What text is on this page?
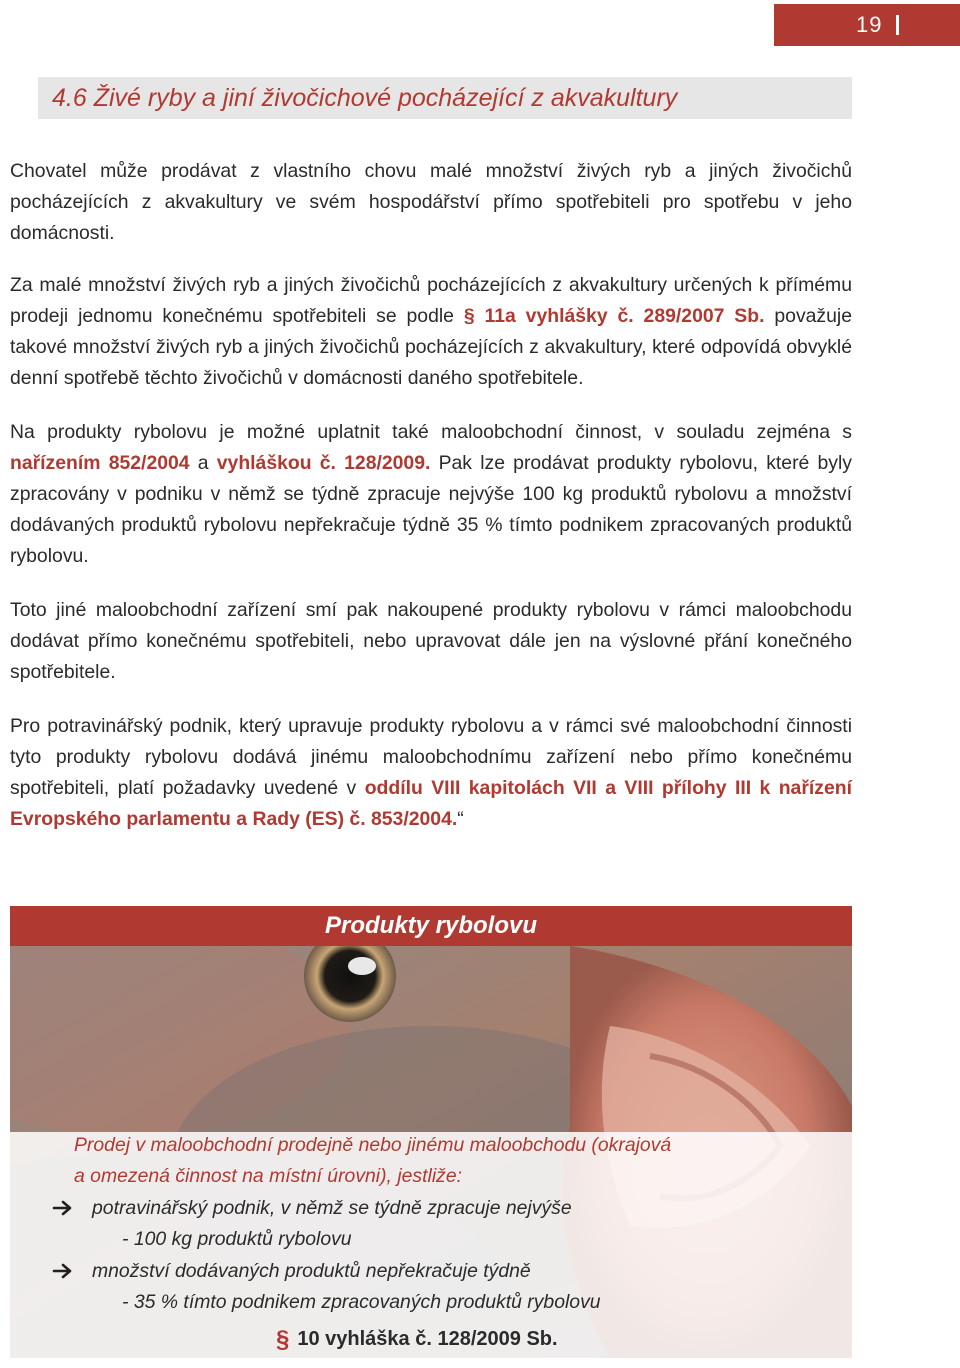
19
4.6 Živé ryby a jiní živočichové pocházející z akvakultury

Chovatel může prodávat z vlastního chovu malé množství živých ryb a jiných živočichů pocházejících z akvakultury ve svém hospodářství přímo spotřebiteli pro spotřebu v jeho domácnosti.

Za malé množství živých ryb a jiných živočichů pocházejících z akvakultury určených k přímému prodeji jednomu konečnému spotřebiteli se podle § 11a vyhlášky č. 289/2007 Sb. považuje takové množství živých ryb a jiných živočichů pocházejících z akvakultury, které odpovídá obvyklé denní spotřebě těchto živočichů v domácnosti daného spotřebitele.

Na produkty rybolovu je možné uplatnit také maloobchodní činnost, v souladu zejména s nařízením 852/2004 a vyhláškou č. 128/2009. Pak lze prodávat produkty rybolovu, které byly zpracovány v podniku v němž se týdně zpracuje nejvýše 100 kg produktů rybolovu a množství dodávaných produktů rybolovu nepřekračuje týdně 35 % tímto podnikem zpracovaných produktů rybolovu.

Toto jiné maloobchodní zařízení smí pak nakoupené produkty rybolovu v rámci maloobchodu dodávat přímo konečnému spotřebiteli, nebo upravovat dále jen na výslovné přání konečného spotřebitele.

Pro potravinářský podnik, který upravuje produkty rybolovu a v rámci své maloobchodní činnosti tyto produkty rybolovu dodává jinému maloobchodnímu zařízení nebo přímo konečnému spotřebiteli, platí požadavky uvedené v oddílu VIII kapitolách VII a VIII přílohy III k nařízení Evropského parlamentu a Rady (ES) č. 853/2004.“

Produkty rybolovu
Prodej v maloobchodní prodejně nebo jinému maloobchodu (okrajová
a omezená činnost na místní úrovni), jestliže:
potravinářský podnik, v němž se týdně zpracuje nejvýše
- 100 kg produktů rybolovu
množství dodávaných produktů nepřekračuje týdně
- 35 % tímto podnikem zpracovaných produktů rybolovu
§ 10 vyhláška č. 128/2009 Sb.
